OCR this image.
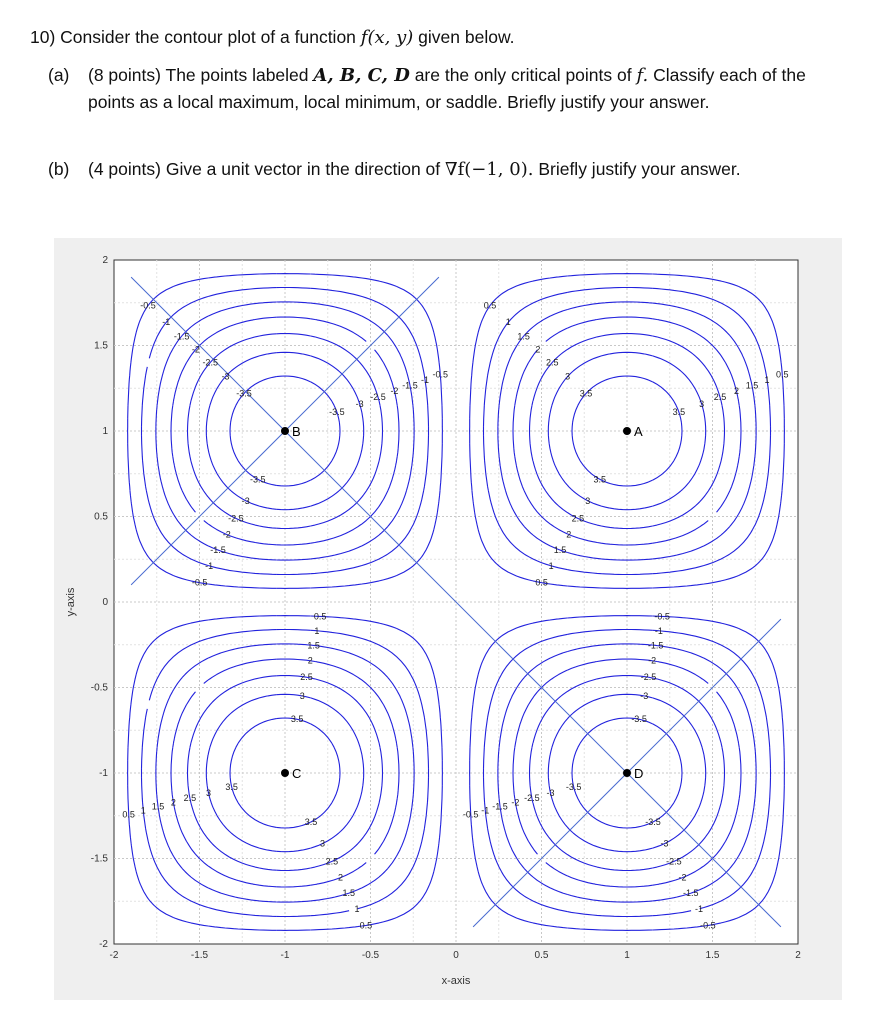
10) Consider the contour plot of a function f(x, y) given below.
(a) (8 points) The points labeled A, B, C, D are the only critical points of f. Classify each of the points as a local maximum, local minimum, or saddle. Briefly justify your answer.
(b) (4 points) Give a unit vector in the direction of ∇f(−1, 0). Briefly justify your answer.
-3.5
-3.5
-3.5
-3.5
-3.5
-3.5
-3
-3
-3
-3
-3
-3
-2.5
-2.5
-2.5
-2.5
-2.5
-2.5
-2
-2
-2
-2
-2
-2
-1.5
-1.5
-1.5
-1.5
-1.5
-1.5
-1
-1
-1
-1
-1
-1
-0.5
-0.5
-0.5
-0.5
-0.5
-0.5
0.5
0.5
0.5
0.5
0.5
0.5
1
1
1
1
1
1
1.5
1.5
1.5
1.5
1.5
1.5
2
2
2
2
2
2
2.5
2.5
2.5
2.5
2.5
2.5
3
3
3
3
3
3
3.5
3.5
3.5
3.5
3.5
3.5
-2	-1.5	-1	-0.5	0	0.5	1	1.5	2
-2
-1.5
-1
-0.5
0
0.5
1
1.5
2
A
B
C	D
x-axis
y-axis
